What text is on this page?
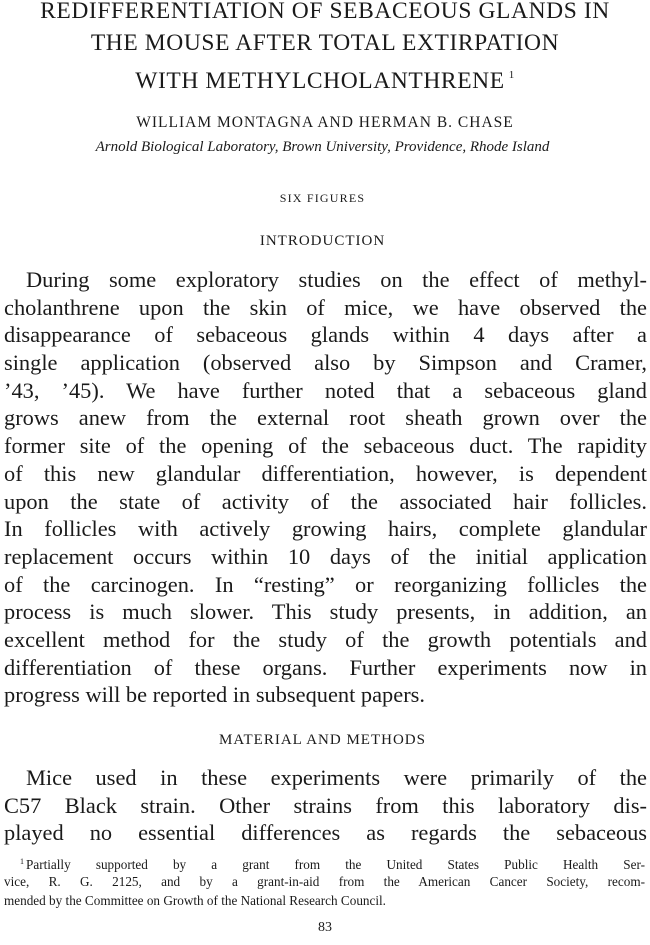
REDIFFERENTIATION OF SEBACEOUS GLANDS IN
THE MOUSE AFTER TOTAL EXTIRPATION
WITH METHYLCHOLANTHRENE $^1$
WILLIAM MONTAGNA AND HERMAN B. CHASE
Arnold Biological Laboratory, Brown University, Providence, Rhode Island
SIX FIGURES
INTRODUCTION
During some exploratory studies on the effect of methyl-
cholanthrene upon the skin of mice, we have observed the
disappearance of sebaceous glands within 4 days after a
single application (observed also by Simpson and Cramer,
’43, ’45). We have further noted that a sebaceous gland
grows anew from the external root sheath grown over the
former site of the opening of the sebaceous duct. The rapidity
of this new glandular differentiation, however, is dependent
upon the state of activity of the associated hair follicles.
In follicles with actively growing hairs, complete glandular
replacement occurs within 10 days of the initial application
of the carcinogen. In “resting” or reorganizing follicles the
process is much slower. This study presents, in addition, an
excellent method for the study of the growth potentials and
differentiation of these organs. Further experiments now in
progress will be reported in subsequent papers.
MATERIAL AND METHODS
Mice used in these experiments were primarily of the
C57 Black strain. Other strains from this laboratory dis-
played no essential differences as regards the sebaceous
$^1$ Partially supported by a grant from the United States Public Health Ser-
vice, R. G. 2125, and by a grant-in-aid from the American Cancer Society, recom-
mended by the Committee on Growth of the National Research Council.
83
